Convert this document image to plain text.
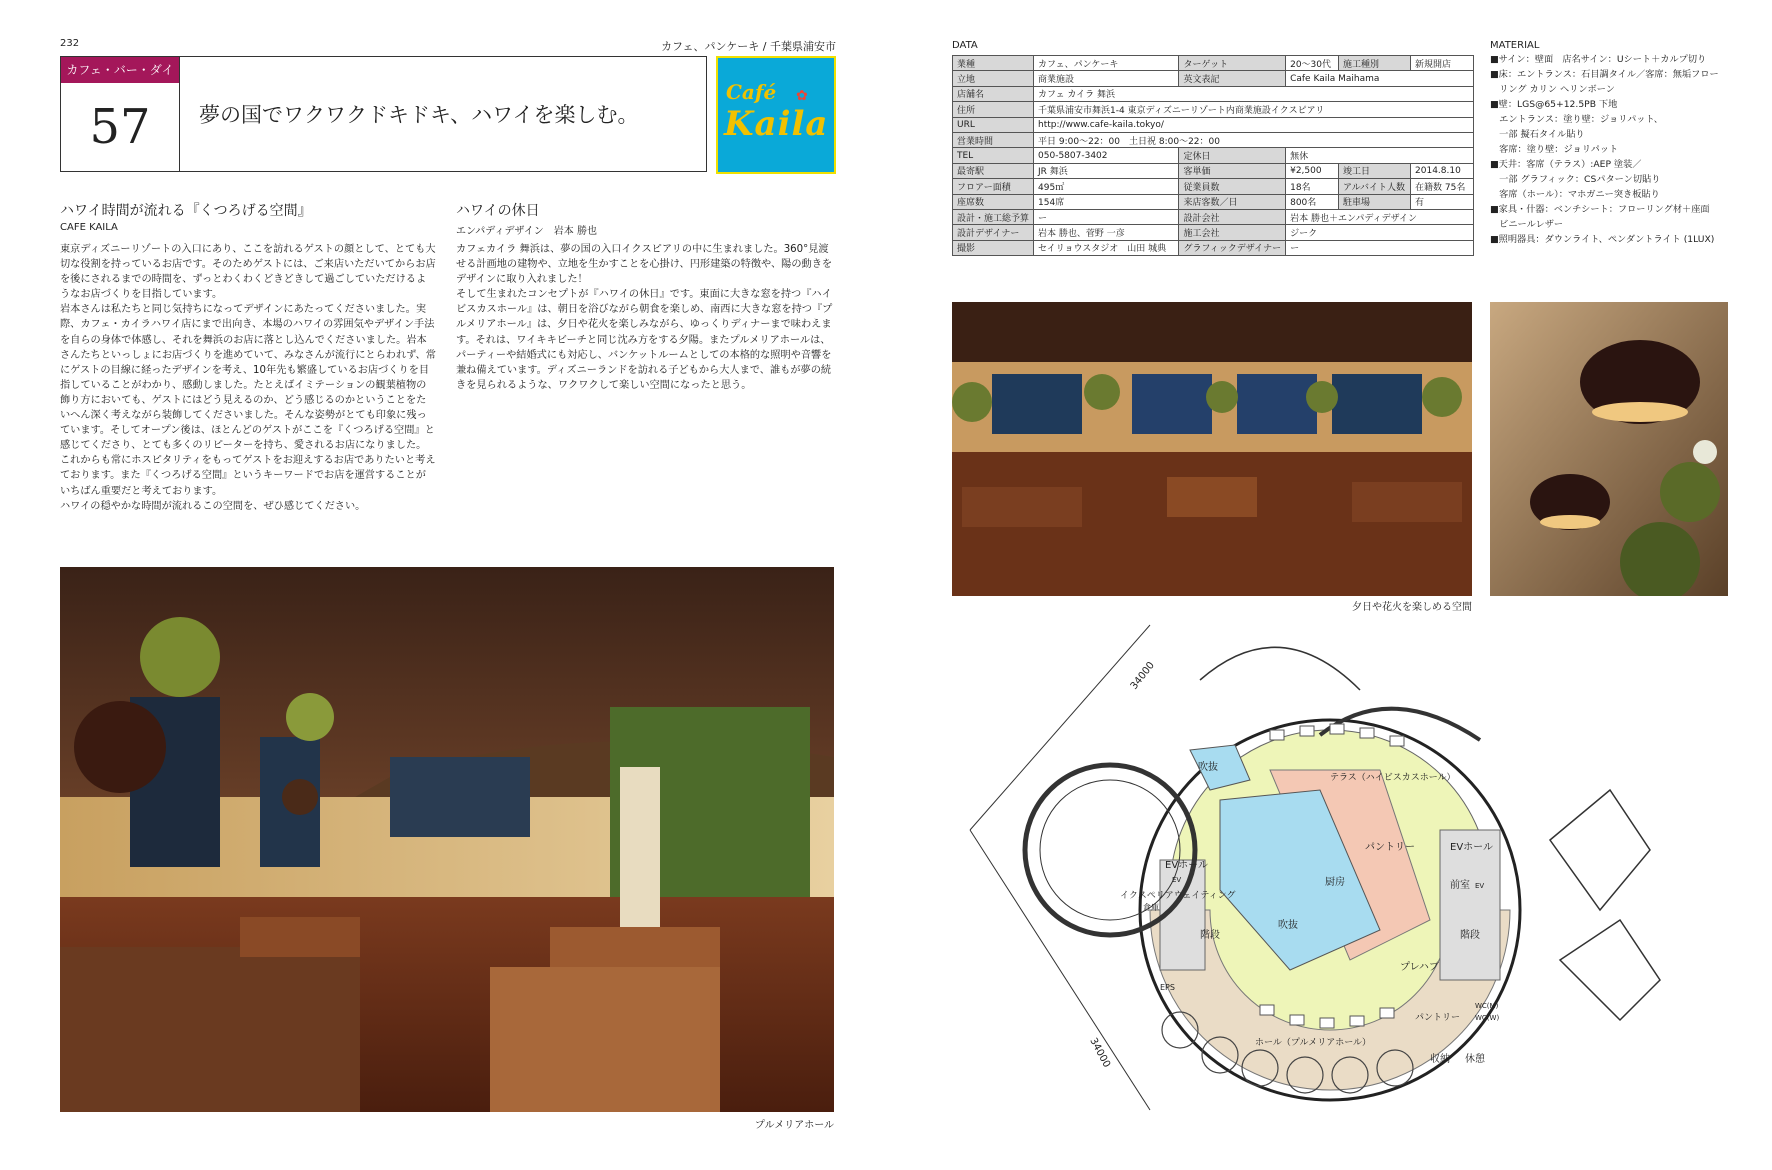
232	カフェ、パンケーキ / 千葉県浦安市
カフェ・バー・ダイニング
57	夢の国でワクワクドキドキ、ハワイを楽しむ。
Café ✿
Kaila
ハワイ時間が流れる『くつろげる空間』
CAFE KAILA

東京ディズニーリゾートの入口にあり、ここを訪れるゲストの顔として、とても大切な役割を持っているお店です。そのためゲストには、ご来店いただいてからお店を後にされるまでの時間を、ずっとわくわくどきどきして過ごしていただけるようなお店づくりを目指しています。

岩本さんは私たちと同じ気持ちになってデザインにあたってくださいました。実際、カフェ・カイラハワイ店にまで出向き、本場のハワイの雰囲気やデザイン手法を自らの身体で体感し、それを舞浜のお店に落とし込んでくださいました。岩本さんたちといっしょにお店づくりを進めていて、みなさんが流行にとらわれず、常にゲストの目線に経ったデザインを考え、10年先も繁盛しているお店づくりを目指していることがわかり、感動しました。たとえばイミテーションの観葉植物の飾り方においても、ゲストにはどう見えるのか、どう感じるのかということをたいへん深く考えながら装飾してくださいました。そんな姿勢がとても印象に残っています。そしてオープン後は、ほとんどのゲストがここを『くつろげる空間』と感じてくださり、とても多くのリピーターを持ち、愛されるお店になりました。

これからも常にホスピタリティをもってゲストをお迎えするお店でありたいと考えております。また『くつろげる空間』というキーワードでお店を運営することがいちばん重要だと考えております。

ハワイの穏やかな時間が流れるこの空間を、ぜひ感じてください。

ハワイの休日
エンパディデザイン　岩本 勝也

カフェカイラ 舞浜は、夢の国の入口イクスピアリの中に生まれました。360°見渡せる計画地の建物や、立地を生かすことを心掛け、円形建築の特徴や、陽の動きをデザインに取り入れました！

そして生まれたコンセプトが『ハワイの休日』です。東面に大きな窓を持つ『ハイビスカスホール』は、朝日を浴びながら朝食を楽しめ、南西に大きな窓を持つ『プルメリアホール』は、夕日や花火を楽しみながら、ゆっくりディナーまで味わえます。それは、ワイキキビーチと同じ沈み方をする夕陽。またプルメリアホールは、パーティーや結婚式にも対応し、バンケットルームとしての本格的な照明や音響を兼ね備えています。ディズニーランドを訪れる子どもから大人まで、誰もが夢の続きを見られるような、ワクワクして楽しい空間になったと思う。

プルメリアホール
DATA
業種	カフェ、パンケーキ	ターゲット	20～30代	施工種別	新規開店
立地	商業施設	英文表記	Cafe Kaila Maihama		
店舗名	カフェ カイラ 舞浜				
住所	千葉県浦安市舞浜1-4 東京ディズニーリゾート内商業施設イクスピアリ				
URL	http://www.cafe-kaila.tokyo/				
営業時間	平日 9:00～22：00　土日祝 8:00～22：00				
TEL	050-5807-3402	定休日	無休		
最寄駅	JR 舞浜	客単価	¥2,500	竣工日	2014.8.10
フロアー面積	495㎡	従業員数	18名	アルバイト人数	在籍数 75名
座席数	154席	来店客数／日	800名	駐車場	有
設計・施工総予算	ー	設計会社	岩本 勝也＋エンパディデザイン		
設計デザイナー	岩本 勝也、菅野 一彦	施工会社	ジーク		
撮影	セイリョウスタジオ　山田 城典	グラフィックデザイナー	ー		
MATERIAL
■サイン：壁面　店名サイン：Uシート＋カルプ切り
■床：エントランス：石目調タイル／客席：無垢フロー
　リング カリン ヘリンボーン
■壁：LGS@65+12.5PB 下地
　エントランス：塗り壁：ジョリパット、
　一部 擬石タイル貼り
　客席：塗り壁：ジョリパット
■天井：客席（テラス）:AEP 塗装／
　一部 グラフィック：CSパターン切貼り
　客席（ホール）：マホガニー突き板貼り
■家具・什器：ベンチシート：フローリング材＋座面
　ビニールレザー
■照明器具：ダウンライト、ペンダントライト (1LUX)
夕日や花火を楽しめる空間
34000
34000
吹抜
テラス（ハイビスカスホール）
厨房
パントリー	EVホール
前室 EV
EVホール
イクスペリアウェイティング
階段
吹抜
プレハブ
EPS
ホール（プルメリアホール）
収納
階段
パントリー
WC(M)
WC(W)
休憩
倉庫
EV
